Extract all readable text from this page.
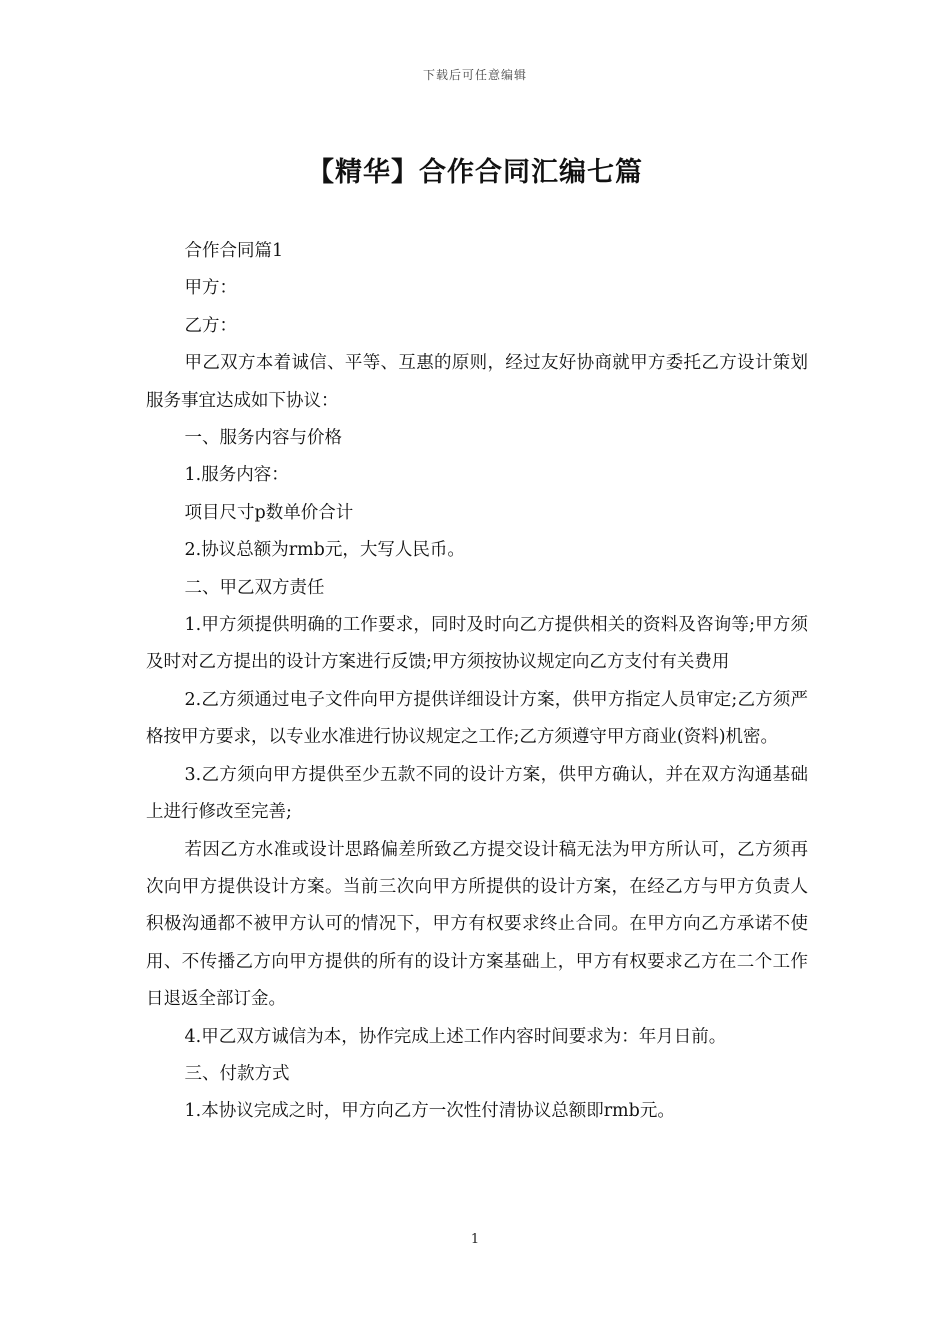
下载后可任意编辑
【精华】合作合同汇编七篇

合作合同篇1

甲方：

乙方：

甲乙双方本着诚信、平等、互惠的原则，经过友好协商就甲方委托乙方设计策划服务事宜达成如下协议：

一、服务内容与价格

1.服务内容：

项目尺寸p数单价合计

2.协议总额为rmb元，大写人民币。

二、甲乙双方责任

1.甲方须提供明确的工作要求，同时及时向乙方提供相关的资料及咨询等;甲方须及时对乙方提出的设计方案进行反馈;甲方须按协议规定向乙方支付有关费用

2.乙方须通过电子文件向甲方提供详细设计方案，供甲方指定人员审定;乙方须严格按甲方要求，以专业水准进行协议规定之工作;乙方须遵守甲方商业(资料)机密。

3.乙方须向甲方提供至少五款不同的设计方案，供甲方确认，并在双方沟通基础上进行修改至完善;

若因乙方水准或设计思路偏差所致乙方提交设计稿无法为甲方所认可，乙方须再次向甲方提供设计方案。当前三次向甲方所提供的设计方案，在经乙方与甲方负责人积极沟通都不被甲方认可的情况下，甲方有权要求终止合同。在甲方向乙方承诺不使用、不传播乙方向甲方提供的所有的设计方案基础上，甲方有权要求乙方在二个工作日退返全部订金。

4.甲乙双方诚信为本，协作完成上述工作内容时间要求为：年月日前。

三、付款方式

1.本协议完成之时，甲方向乙方一次性付清协议总额即rmb元。

1
